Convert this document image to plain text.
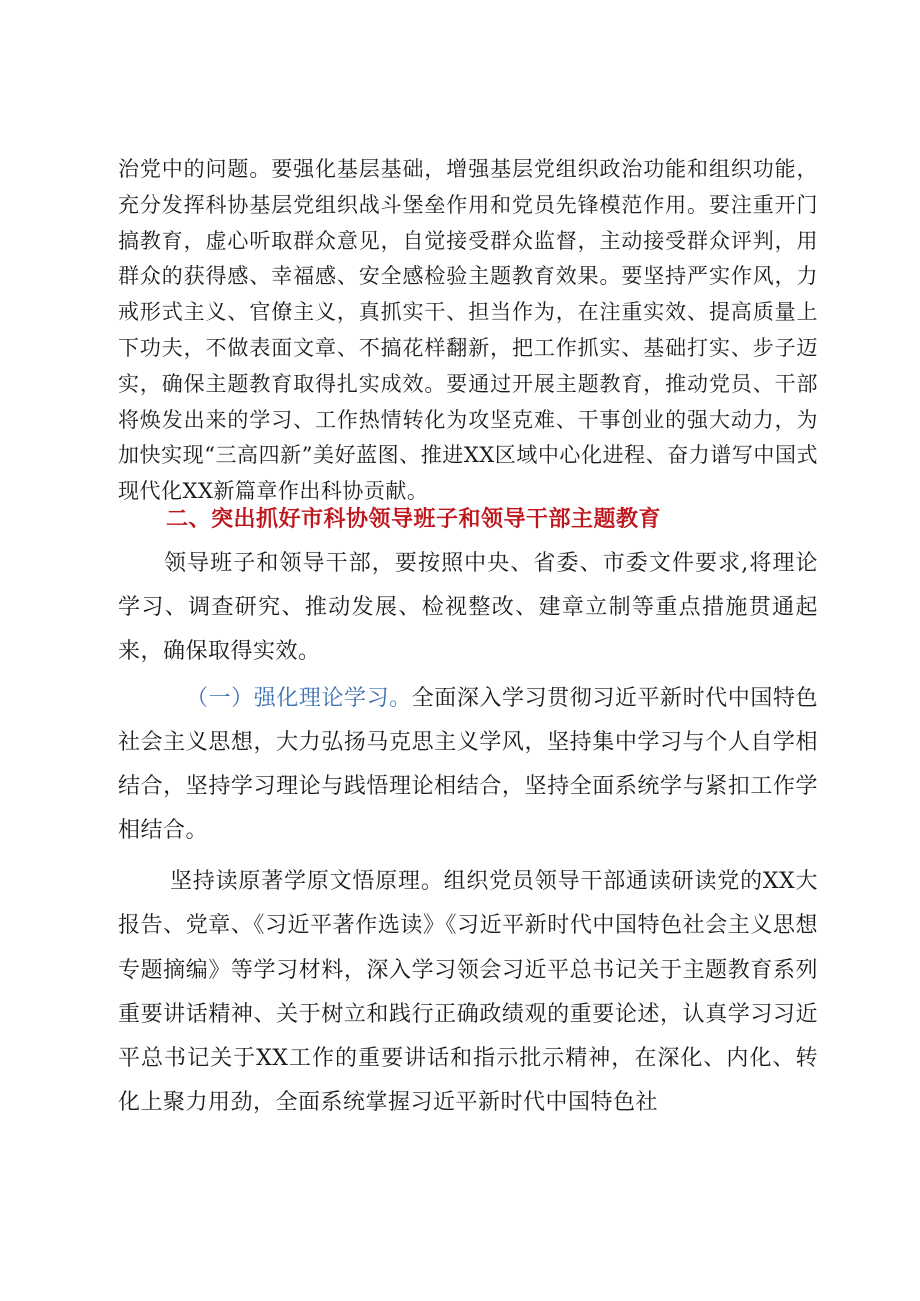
治党中的问题。要强化基层基础，增强基层党组织政治功能和组织功能，充分发挥科协基层党组织战斗堡垒作用和党员先锋模范作用。要注重开门搞教育，虚心听取群众意见，自觉接受群众监督，主动接受群众评判，用群众的获得感、幸福感、安全感检验主题教育效果。要坚持严实作风，力戒形式主义、官僚主义，真抓实干、担当作为，在注重实效、提高质量上下功夫，不做表面文章、不搞花样翻新，把工作抓实、基础打实、步子迈实，确保主题教育取得扎实成效。要通过开展主题教育，推动党员、干部将焕发出来的学习、工作热情转化为攻坚克难、干事创业的强大动力，为加快实现“三高四新”美好蓝图、推进XX区域中心化进程、奋力谱写中国式现代化XX新篇章作出科协贡献。

二、突出抓好市科协领导班子和领导干部主题教育

领导班子和领导干部，要按照中央、省委、市委文件要求,将理论学习、调查研究、推动发展、检视整改、建章立制等重点措施贯通起来，确保取得实效。

（一）强化理论学习。全面深入学习贯彻习近平新时代中国特色社会主义思想，大力弘扬马克思主义学风，坚持集中学习与个人自学相结合，坚持学习理论与践悟理论相结合，坚持全面系统学与紧扣工作学相结合。

坚持读原著学原文悟原理。组织党员领导干部通读研读党的XX大报告、党章、《习近平著作选读》《习近平新时代中国特色社会主义思想专题摘编》等学习材料，深入学习领会习近平总书记关于主题教育系列重要讲话精神、关于树立和践行正确政绩观的重要论述，认真学习习近平总书记关于XX工作的重要讲话和指示批示精神，在深化、内化、转化上聚力用劲，全面系统掌握习近平新时代中国特色社
